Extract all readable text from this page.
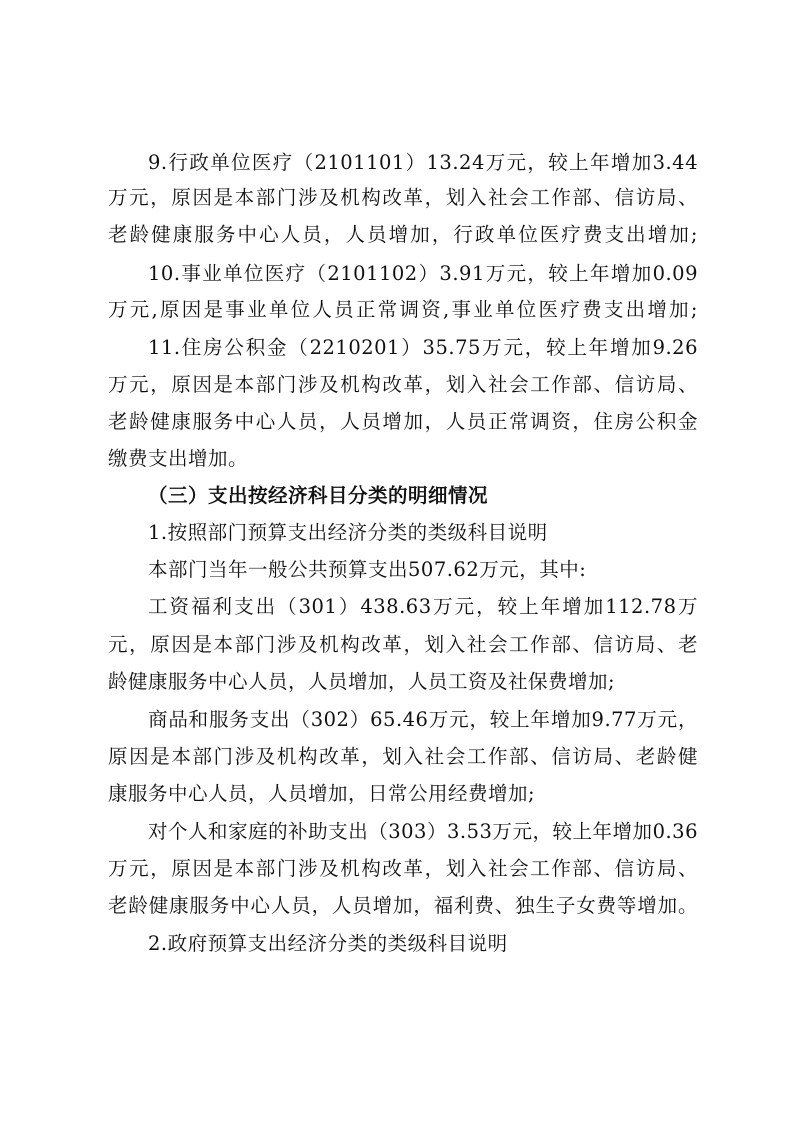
9.行政单位医疗（2101101）13.24万元，较上年增加3.44
万元，原因是本部门涉及机构改革，划入社会工作部、信访局、
老龄健康服务中心人员，人员增加，行政单位医疗费支出增加;
10.事业单位医疗（2101102）3.91万元，较上年增加0.09
万元,原因是事业单位人员正常调资,事业单位医疗费支出增加;
11.住房公积金（2210201）35.75万元，较上年增加9.26
万元，原因是本部门涉及机构改革，划入社会工作部、信访局、
老龄健康服务中心人员，人员增加，人员正常调资，住房公积金
缴费支出增加。
（三）支出按经济科目分类的明细情况
1.按照部门预算支出经济分类的类级科目说明
本部门当年一般公共预算支出507.62万元，其中:
工资福利支出（301）438.63万元，较上年增加112.78万
元，原因是本部门涉及机构改革，划入社会工作部、信访局、老
龄健康服务中心人员，人员增加，人员工资及社保费增加;
商品和服务支出（302）65.46万元，较上年增加9.77万元，
原因是本部门涉及机构改革，划入社会工作部、信访局、老龄健
康服务中心人员，人员增加，日常公用经费增加;
对个人和家庭的补助支出（303）3.53万元，较上年增加0.36
万元，原因是本部门涉及机构改革，划入社会工作部、信访局、
老龄健康服务中心人员，人员增加，福利费、独生子女费等增加。
2.政府预算支出经济分类的类级科目说明
